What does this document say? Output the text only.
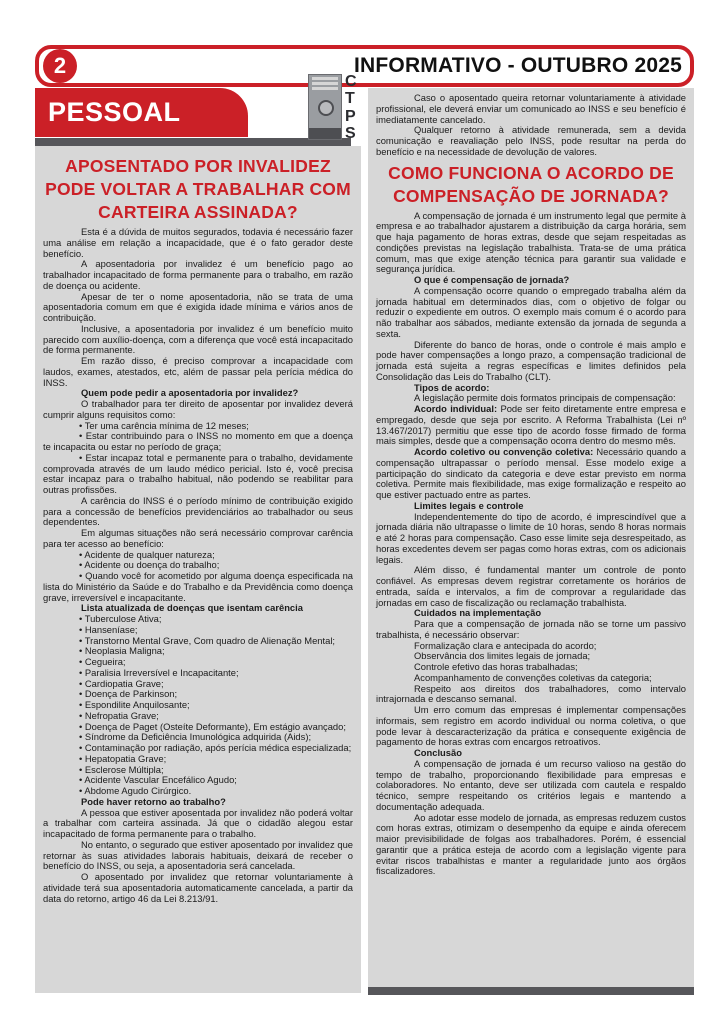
2	INFORMATIVO - OUTUBRO 2025
PESSOAL
C
T
P
S

APOSENTADO POR INVALIDEZ PODE VOLTAR A TRABALHAR COM CARTEIRA ASSINADA?

Esta é a dúvida de muitos segurados, todavia é necessário fazer uma análise em relação a incapacidade, que é o fato gerador deste benefício.

A aposentadoria por invalidez é um benefício pago ao trabalhador incapacitado de forma permanente para o trabalho, em razão de doença ou acidente.

Apesar de ter o nome aposentadoria, não se trata de uma aposentadoria comum em que é exigida idade mínima e vários anos de contribuição.

Inclusive, a aposentadoria por invalidez é um benefício muito parecido com auxílio-doença, com a diferença que você está incapacitado de forma permanente.

Em razão disso, é preciso comprovar a incapacidade com laudos, exames, atestados, etc, além de passar pela perícia médica do INSS.

Quem pode pedir a aposentadoria por invalidez?

O trabalhador para ter direito de aposentar por invalidez deverá cumprir alguns requisitos como:

• Ter uma carência mínima de 12 meses;

• Estar contribuindo para o INSS no momento em que a doença te incapacita ou estar no período de graça;

• Estar incapaz total e permanente para o trabalho, devidamente comprovada através de um laudo médico pericial. Isto é, você precisa estar incapaz para o trabalho habitual, não podendo se reabilitar para outras profissões.

A carência do INSS é o período mínimo de contribuição exigido para a concessão de benefícios previdenciários ao trabalhador ou seus dependentes.

Em algumas situações não será necessário comprovar carência para ter acesso ao benefício:

• Acidente de qualquer natureza;

• Acidente ou doença do trabalho;

• Quando você for acometido por alguma doença especificada na lista do Ministério da Saúde e do Trabalho e da Previdência como doença grave, irreversível e incapacitante.

Lista atualizada de doenças que isentam carência

• Tuberculose Ativa;

• Hanseníase;

• Transtorno Mental Grave, Com quadro de Alienação Mental;

• Neoplasia Maligna;

• Cegueira;

• Paralisia Irreversível e Incapacitante;

• Cardiopatia Grave;

• Doença de Parkinson;

• Espondilite Anquilosante;

• Nefropatia Grave;

• Doença de Paget (Osteíte Deformante), Em estágio avançado;

• Síndrome da Deficiência Imunológica adquirida (Aids);

• Contaminação por radiação, após perícia médica especializada;

• Hepatopatia Grave;

• Esclerose Múltipla;

• Acidente Vascular Encefálico Agudo;

• Abdome Agudo Cirúrgico.

Pode haver retorno ao trabalho?

A pessoa que estiver aposentada por invalidez não poderá voltar a trabalhar com carteira assinada. Já que o cidadão alegou estar incapacitado de forma permanente para o trabalho.

No entanto, o segurado que estiver aposentado por invalidez que retornar às suas atividades laborais habituais, deixará de receber o benefício do INSS, ou seja, a aposentadoria será cancelada.

O aposentado por invalidez que retornar voluntariamente à atividade terá sua aposentadoria automaticamente cancelada, a partir da data do retorno, artigo 46 da Lei 8.213/91.

Caso o aposentado queira retornar voluntariamente à atividade profissional, ele deverá enviar um comunicado ao INSS e seu benefício é imediatamente cancelado.

Qualquer retorno à atividade remunerada, sem a devida comunicação e reavaliação pelo INSS, pode resultar na perda do benefício e na necessidade de devolução de valores.

COMO FUNCIONA O ACORDO DE COMPENSAÇÃO DE JORNADA?

A compensação de jornada é um instrumento legal que permite à empresa e ao trabalhador ajustarem a distribuição da carga horária, sem que haja pagamento de horas extras, desde que sejam respeitadas as condições previstas na legislação trabalhista. Trata-se de uma prática comum, mas que exige atenção técnica para garantir sua validade e segurança jurídica.

O que é compensação de jornada?

A compensação ocorre quando o empregado trabalha além da jornada habitual em determinados dias, com o objetivo de folgar ou reduzir o expediente em outros. O exemplo mais comum é o acordo para não trabalhar aos sábados, mediante extensão da jornada de segunda a sexta.

Diferente do banco de horas, onde o controle é mais amplo e pode haver compensações a longo prazo, a compensação tradicional de jornada está sujeita a regras específicas e limites definidos pela Consolidação das Leis do Trabalho (CLT).

Tipos de acordo:

A legislação permite dois formatos principais de compensação:

Acordo individual: Pode ser feito diretamente entre empresa e empregado, desde que seja por escrito. A Reforma Trabalhista (Lei nº 13.467/2017) permitiu que esse tipo de acordo fosse firmado de forma mais simples, desde que a compensação ocorra dentro do mesmo mês.

Acordo coletivo ou convenção coletiva: Necessário quando a compensação ultrapassar o período mensal. Esse modelo exige a participação do sindicato da categoria e deve estar previsto em norma coletiva. Permite mais flexibilidade, mas exige formalização e respeito ao que estiver pactuado entre as partes.

Limites legais e controle

Independentemente do tipo de acordo, é imprescindível que a jornada diária não ultrapasse o limite de 10 horas, sendo 8 horas normais e até 2 horas para compensação. Caso esse limite seja desrespeitado, as horas excedentes devem ser pagas como horas extras, com os adicionais legais.

Além disso, é fundamental manter um controle de ponto confiável. As empresas devem registrar corretamente os horários de entrada, saída e intervalos, a fim de comprovar a regularidade das jornadas em caso de fiscalização ou reclamação trabalhista.

Cuidados na implementação

Para que a compensação de jornada não se torne um passivo trabalhista, é necessário observar:

Formalização clara e antecipada do acordo;

Observância dos limites legais de jornada;

Controle efetivo das horas trabalhadas;

Acompanhamento de convenções coletivas da categoria;

Respeito aos direitos dos trabalhadores, como intervalo intrajornada e descanso semanal.

Um erro comum das empresas é implementar compensações informais, sem registro em acordo individual ou norma coletiva, o que pode levar à descaracterização da prática e consequente exigência de pagamento de horas extras com encargos retroativos.

Conclusão

A compensação de jornada é um recurso valioso na gestão do tempo de trabalho, proporcionando flexibilidade para empresas e colaboradores. No entanto, deve ser utilizada com cautela e respaldo técnico, sempre respeitando os critérios legais e mantendo a documentação adequada.

Ao adotar esse modelo de jornada, as empresas reduzem custos com horas extras, otimizam o desempenho da equipe e ainda oferecem maior previsibilidade de folgas aos trabalhadores. Porém, é essencial garantir que a prática esteja de acordo com a legislação vigente para evitar riscos trabalhistas e manter a regularidade junto aos órgãos fiscalizadores.
